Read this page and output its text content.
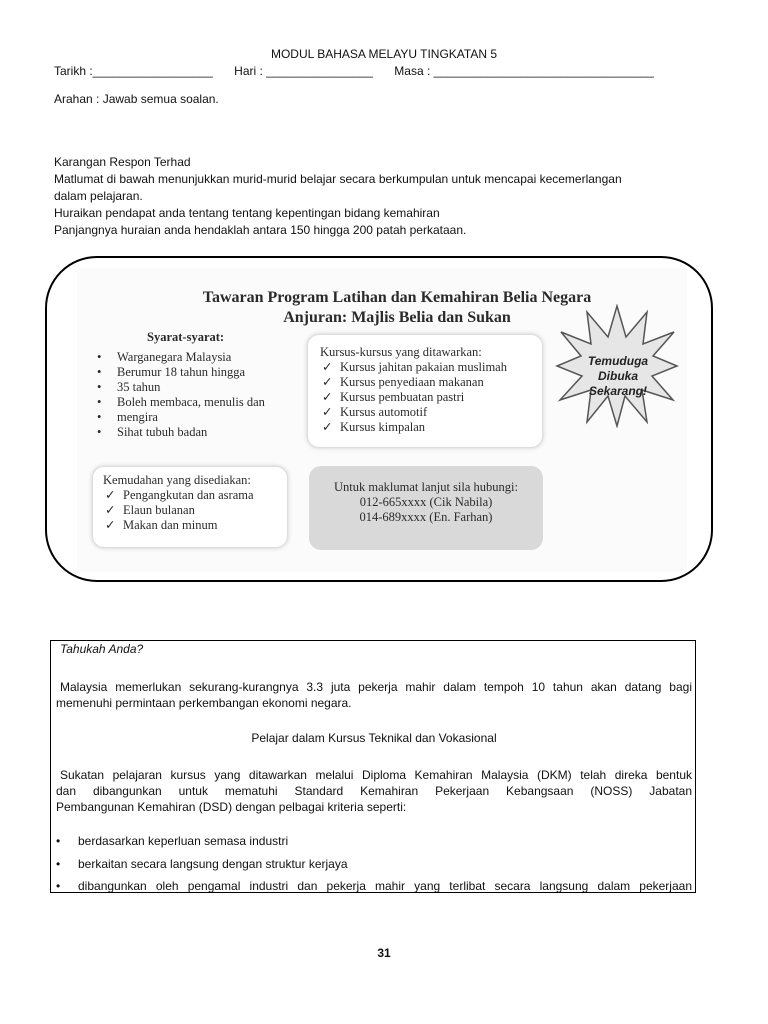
MODUL BAHASA MELAYU TINGKATAN 5
Tarikh :__________________ Hari : ________________ Masa : _________________________________
Arahan : Jawab semua soalan.
Karangan Respon Terhad
Matlumat di bawah menunjukkan murid-murid belajar secara berkumpulan untuk mencapai kecemerlangan
dalam pelajaran.
Huraikan pendapat anda tentang tentang kepentingan bidang kemahiran
Panjangnya huraian anda hendaklah antara 150 hingga 200 patah perkataan.
Tawaran Program Latihan dan Kemahiran Belia Negara
Anjuran: Majlis Belia dan Sukan
Syarat-syarat:
• Warganegara Malaysia
• Berumur 18 tahun hingga
• 35 tahun
• Boleh membaca, menulis dan
• mengira
• Sihat tubuh badan
Kursus-kursus yang ditawarkan:
✓ Kursus jahitan pakaian muslimah
✓ Kursus penyediaan makanan
✓ Kursus pembuatan pastri
✓ Kursus automotif
✓ Kursus kimpalan
Temuduga
Dibuka
Sekarang!
Kemudahan yang disediakan:
✓ Pengangkutan dan asrama
✓ Elaun bulanan
✓ Makan dan minum
Untuk maklumat lanjut sila hubungi:
012-665xxxx (Cik Nabila)
014-689xxxx (En. Farhan)
Tahukah Anda?
Malaysia memerlukan sekurang-kurangnya 3.3 juta pekerja mahir dalam tempoh 10 tahun akan datang bagi
memenuhi permintaan perkembangan ekonomi negara.
Pelajar dalam Kursus Teknikal dan Vokasional
Sukatan pelajaran kursus yang ditawarkan melalui Diploma Kemahiran Malaysia (DKM) telah direka bentuk
dan dibangunkan untuk mematuhi Standard Kemahiran Pekerjaan Kebangsaan (NOSS) Jabatan
Pembangunan Kemahiran (DSD) dengan pelbagai kriteria seperti:
• berdasarkan keperluan semasa industri
• berkaitan secara langsung dengan struktur kerjaya
• dibangunkan oleh pengamal industri dan pekerja mahir yang terlibat secara langsung dalam pekerjaan
31
